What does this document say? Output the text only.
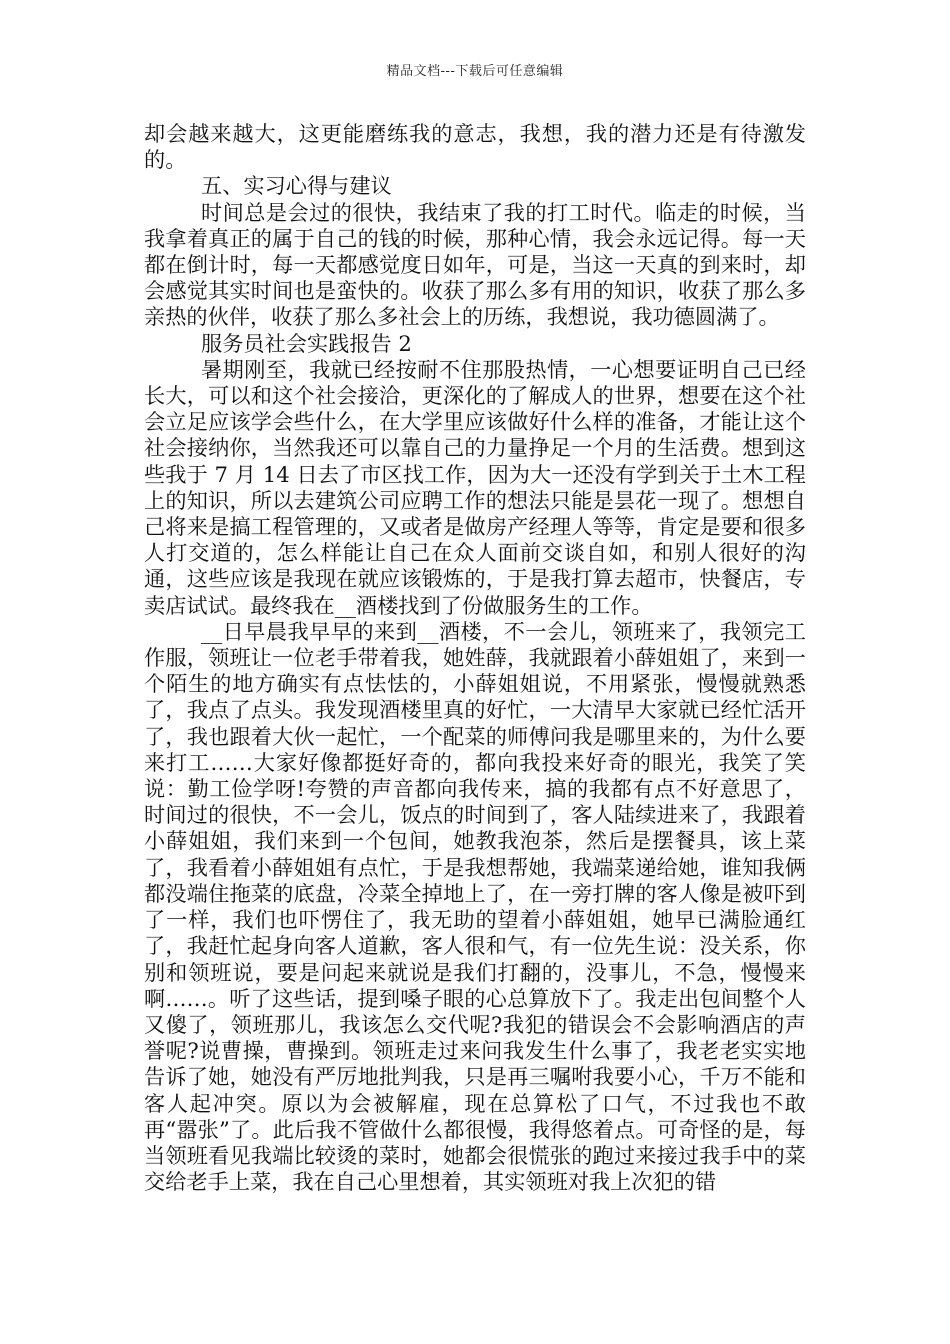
精品文档---下载后可任意编辑

却会越来越大，这更能磨练我的意志，我想，我的潜力还是有待激发的。

五、实习心得与建议

时间总是会过的很快，我结束了我的打工时代。临走的时候，当我拿着真正的属于自己的钱的时候，那种心情，我会永远记得。每一天都在倒计时，每一天都感觉度日如年，可是，当这一天真的到来时，却会感觉其实时间也是蛮快的。收获了那么多有用的知识，收获了那么多亲热的伙伴，收获了那么多社会上的历练，我想说，我功德圆满了。

服务员社会实践报告 2

暑期刚至，我就已经按耐不住那股热情，一心想要证明自己已经长大，可以和这个社会接洽，更深化的了解成人的世界，想要在这个社会立足应该学会些什么，在大学里应该做好什么样的准备，才能让这个社会接纳你，当然我还可以靠自己的力量挣足一个月的生活费。想到这些我于 7 月 14 日去了市区找工作，因为大一还没有学到关于土木工程上的知识，所以去建筑公司应聘工作的想法只能是昙花一现了。想想自己将来是搞工程管理的，又或者是做房产经理人等等，肯定是要和很多人打交道的，怎么样能让自己在众人面前交谈自如，和别人很好的沟通，这些应该是我现在就应该锻炼的，于是我打算去超市，快餐店，专卖店试试。最终我在__酒楼找到了份做服务生的工作。

__日早晨我早早的来到__酒楼，不一会儿，领班来了，我领完工作服，领班让一位老手带着我，她姓薛，我就跟着小薛姐姐了，来到一个陌生的地方确实有点怯怯的，小薛姐姐说，不用紧张，慢慢就熟悉了，我点了点头。我发现酒楼里真的好忙，一大清早大家就已经忙活开了，我也跟着大伙一起忙，一个配菜的师傅问我是哪里来的，为什么要来打工……大家好像都挺好奇的，都向我投来好奇的眼光，我笑了笑说：勤工俭学呀!夸赞的声音都向我传来，搞的我都有点不好意思了，时间过的很快，不一会儿，饭点的时间到了，客人陆续进来了，我跟着小薛姐姐，我们来到一个包间，她教我泡茶，然后是摆餐具，该上菜了，我看着小薛姐姐有点忙，于是我想帮她，我端菜递给她，谁知我俩都没端住拖菜的底盘，冷菜全掉地上了，在一旁打牌的客人像是被吓到了一样，我们也吓愣住了，我无助的望着小薛姐姐，她早已满脸通红了，我赶忙起身向客人道歉，客人很和气，有一位先生说：没关系，你别和领班说，要是问起来就说是我们打翻的，没事儿，不急，慢慢来啊……。听了这些话，提到嗓子眼的心总算放下了。我走出包间整个人又傻了，领班那儿，我该怎么交代呢?我犯的错误会不会影响酒店的声誉呢?说曹操，曹操到。领班走过来问我发生什么事了，我老老实实地告诉了她，她没有严厉地批判我，只是再三嘱咐我要小心，千万不能和客人起冲突。原以为会被解雇，现在总算松了口气，不过我也不敢再“嚣张”了。此后我不管做什么都很慢，我得悠着点。可奇怪的是，每当领班看见我端比较烫的菜时，她都会很慌张的跑过来接过我手中的菜交给老手上菜，我在自己心里想着，其实领班对我上次犯的错
